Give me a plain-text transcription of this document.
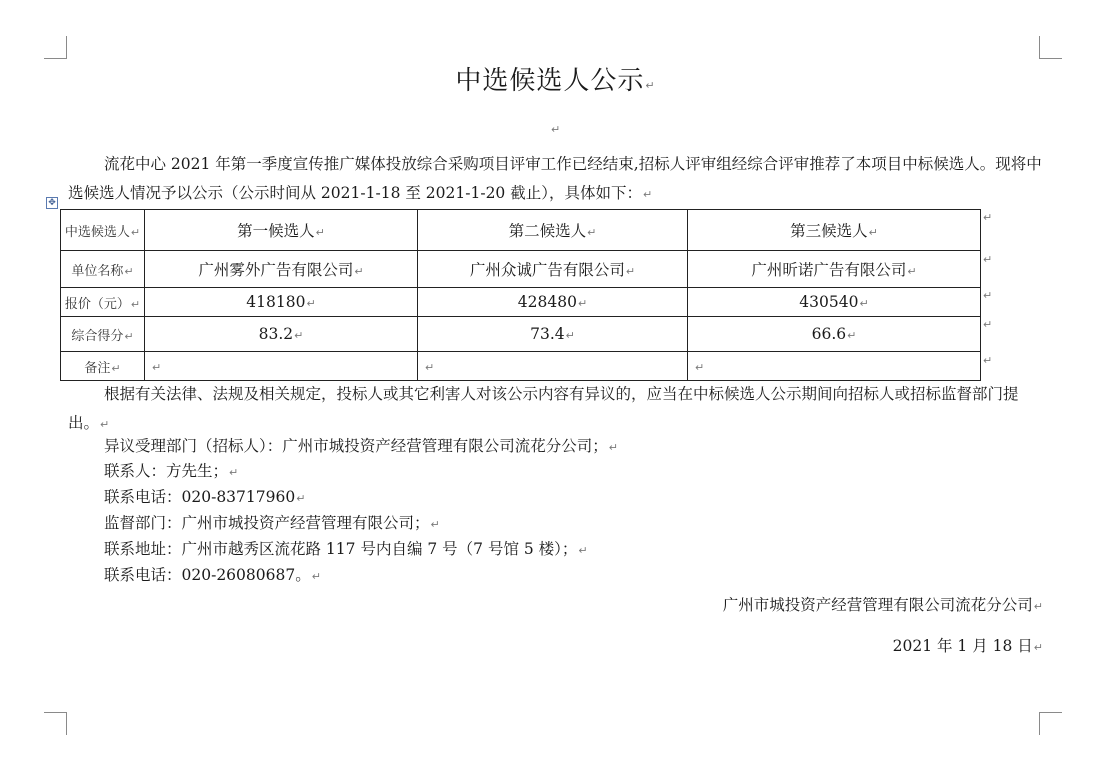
中选候选人公示↵
↵
流花中心 2021 年第一季度宣传推广媒体投放综合采购项目评审工作已经结束,招标人评审组经综合评审推荐了本项目中标候选人。现将中选候选人情况予以公示（公示时间从 2021-1-18 至 2021-1-20 截止），具体如下：↵
✥
中选候选人↵	第一候选人↵	第二候选人↵	第三候选人↵
单位名称↵	广州雾外广告有限公司↵	广州众诚广告有限公司↵	广州昕诺广告有限公司↵
报价（元）↵	418180↵	428480↵	430540↵
综合得分↵	83.2↵	73.4↵	66.6↵
备注↵	↵	↵	↵
↵
↵
↵
↵
↵
根据有关法律、法规及相关规定，投标人或其它利害人对该公示内容有异议的，应当在中标候选人公示期间向招标人或招标监督部门提出。↵
异议受理部门（招标人）：广州市城投资产经营管理有限公司流花分公司；↵
联系人：方先生；↵
联系电话：020-83717960↵
监督部门：广州市城投资产经营管理有限公司；↵
联系地址：广州市越秀区流花路 117 号内自编 7 号（7 号馆 5 楼）；↵
联系电话：020-26080687。↵
广州市城投资产经营管理有限公司流花分公司↵
2021 年 1 月 18 日↵
